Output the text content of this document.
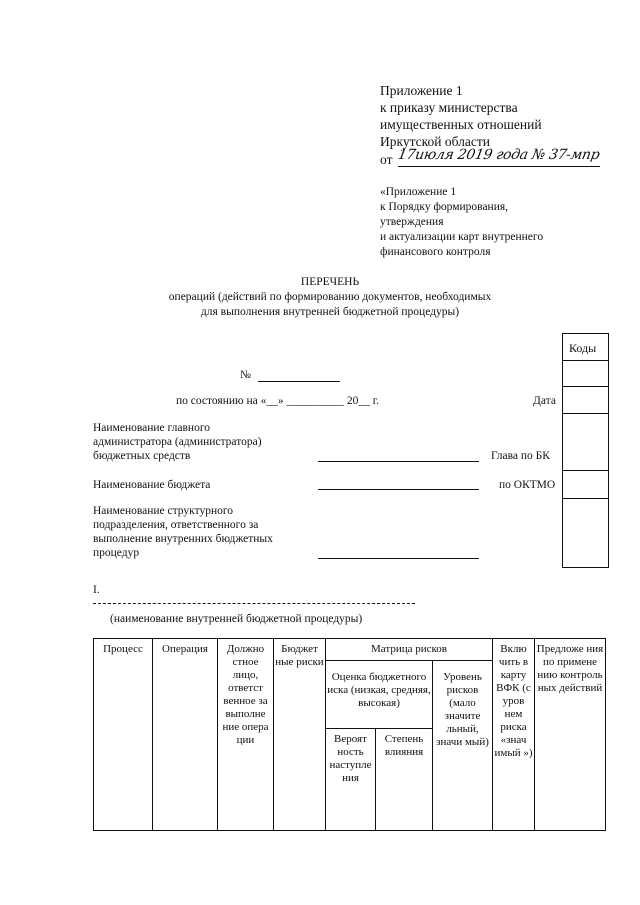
Приложение 1
к приказу министерства
имущественных отношений
Иркутской области
от 17июля 2019 года № 37-мпр
«Приложение 1
к Порядку формирования,
утверждения
и актуализации карт внутреннего
финансового контроля
ПЕРЕЧЕНЬ
операций (действий по формированию документов, необходимых
для выполнения внутренней бюджетной процедуры)
Коды
№
по состоянию на «__» __________ 20__ г.	Дата
Наименование главного
администратора (администратора)
бюджетных средств	Глава по БК
Наименование бюджета	по ОКТМО
Наименование структурного
подразделения, ответственного за
выполнение внутренних бюджетных
процедур
I.
(наименование внутренней бюджетной процедуры)
Процесс	Операция	Должно стное лицо, ответст венное за выполне ние опера ции	Бюджет ные риски	Матрица рисков			Вклю чить в карту ВФК (с уров нем риска «знач имый »)	Предложе ния по примене нию контроль ных действий
				Оценка бюджетного иска (низкая, средняя, высокая)		Уровень рисков (мало значите льный, значи мый)		
				Вероят ность наступле ния	Степень влияния			
